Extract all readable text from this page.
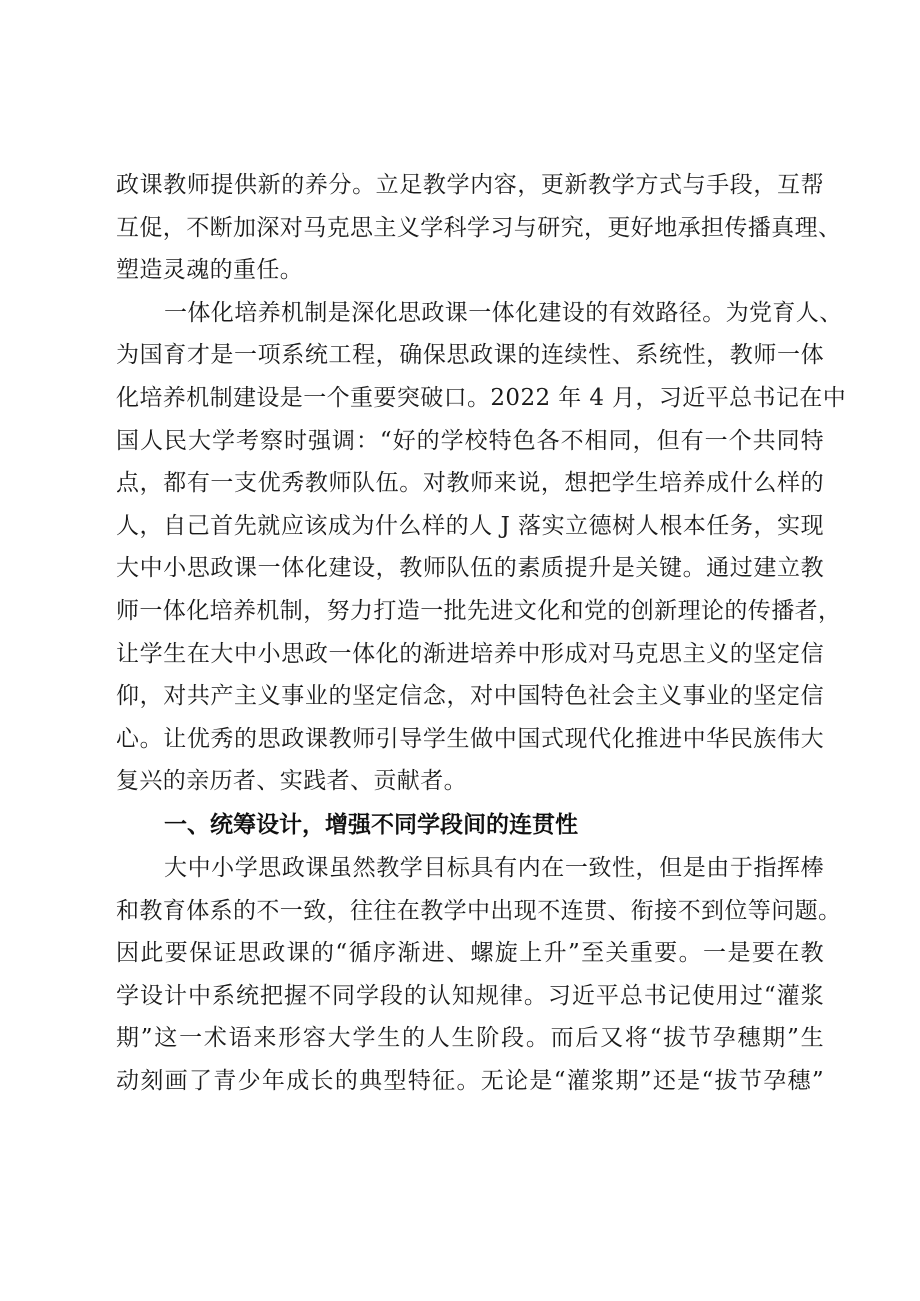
政课教师提供新的养分。立足教学内容，更新教学方式与手段，互帮
互促，不断加深对马克思主义学科学习与研究，更好地承担传播真理、
塑造灵魂的重任。
一体化培养机制是深化思政课一体化建设的有效路径。为党育人、
为国育才是一项系统工程，确保思政课的连续性、系统性，教师一体
化培养机制建设是一个重要突破口。2022 年 4 月，习近平总书记在中
国人民大学考察时强调：“好的学校特色各不相同，但有一个共同特
点，都有一支优秀教师队伍。对教师来说，想把学生培养成什么样的
人，自己首先就应该成为什么样的人 J 落实立德树人根本任务，实现
大中小思政课一体化建设，教师队伍的素质提升是关键。通过建立教
师一体化培养机制，努力打造一批先进文化和党的创新理论的传播者，
让学生在大中小思政一体化的渐进培养中形成对马克思主义的坚定信
仰，对共产主义事业的坚定信念，对中国特色社会主义事业的坚定信
心。让优秀的思政课教师引导学生做中国式现代化推进中华民族伟大
复兴的亲历者、实践者、贡献者。
一、统筹设计，增强不同学段间的连贯性
大中小学思政课虽然教学目标具有内在一致性，但是由于指挥棒
和教育体系的不一致，往往在教学中出现不连贯、衔接不到位等问题。
因此要保证思政课的“循序渐进、螺旋上升”至关重要。一是要在教
学设计中系统把握不同学段的认知规律。习近平总书记使用过“灌浆
期”这一术语来形容大学生的人生阶段。而后又将“拔节孕穗期”生
动刻画了青少年成长的典型特征。无论是“灌浆期”还是“拔节孕穗”
